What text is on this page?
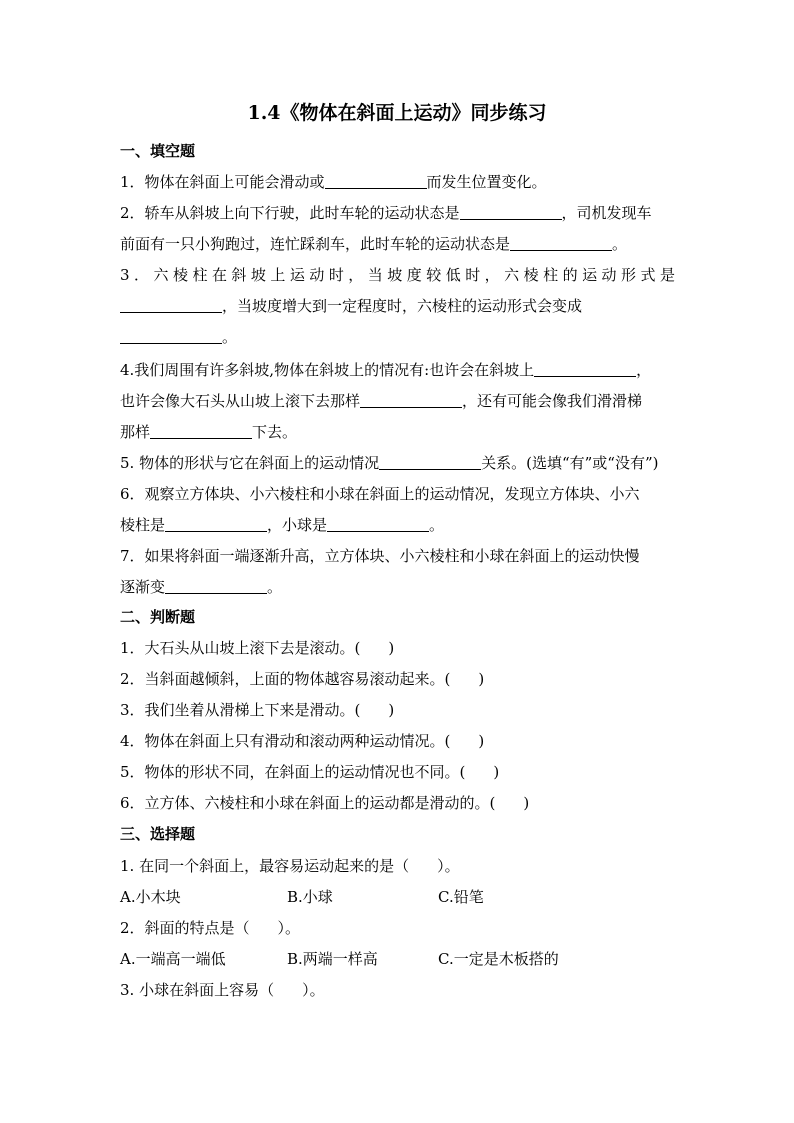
1.4《物体在斜面上运动》同步练习
一、填空题
1．物体在斜面上可能会滑动或	而发生位置变化。
2．轿车从斜坡上向下行驶，此时车轮的运动状态是	，司机发现车
前面有一只小狗跑过，连忙踩刹车，此时车轮的运动状态是	。
3．六棱柱在斜坡上运动时，当坡度较低时，六棱柱的运动形式是
，当坡度增大到一定程度时，六棱柱的运动形式会变成
。
4.我们周围有许多斜坡,物体在斜坡上的情况有:也许会在斜坡上	，
也许会像大石头从山坡上滚下去那样	，还有可能会像我们滑滑梯
那样	下去。
5. 物体的形状与它在斜面上的运动情况	关系。(选填“有”或“没有”)
6．观察立方体块、小六棱柱和小球在斜面上的运动情况，发现立方体块、小六
棱柱是	，小球是	。
7．如果将斜面一端逐渐升高，立方体块、小六棱柱和小球在斜面上的运动快慢
逐渐变	。
二、判断题
1．大石头从山坡上滚下去是滚动。( )
2．当斜面越倾斜，上面的物体越容易滚动起来。( )
3．我们坐着从滑梯上下来是滑动。( )
4．物体在斜面上只有滑动和滚动两种运动情况。( )
5．物体的形状不同，在斜面上的运动情况也不同。( )
6．立方体、六棱柱和小球在斜面上的运动都是滑动的。( )
三、选择题
1. 在同一个斜面上，最容易运动起来的是（ ）。
A.小木块	B.小球	C.铅笔
2．斜面的特点是（ ）。
A.一端高一端低	B.两端一样高	C.一定是木板搭的
3. 小球在斜面上容易（ ）。
